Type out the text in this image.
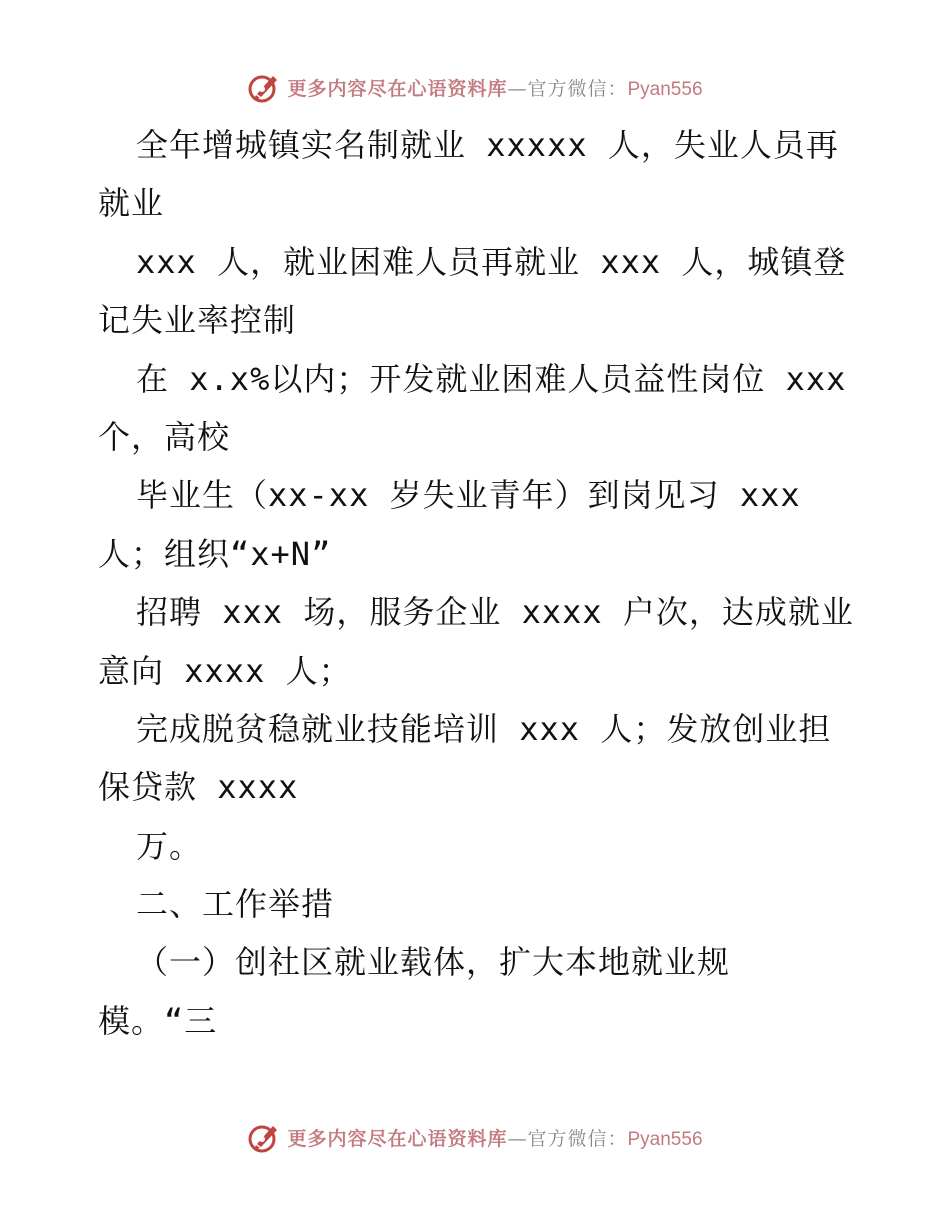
更多内容尽在心语资料库 —官方微信： Pyan556
全年增城镇实名制就业 xxxxx 人，失业人员再
就业
xxx 人，就业困难人员再就业 xxx 人，城镇登
记失业率控制
在 x.x%以内；开发就业困难人员益性岗位 xxx
个，高校
毕业生（xx-xx 岁失业青年）到岗见习 xxx
人；组织“x+N”
招聘 xxx 场，服务企业 xxxx 户次，达成就业
意向 xxxx 人；
完成脱贫稳就业技能培训 xxx 人；发放创业担
保贷款 xxxx
万。
二、工作举措
（一）创社区就业载体，扩大本地就业规
模。“三
更多内容尽在心语资料库 —官方微信： Pyan556
